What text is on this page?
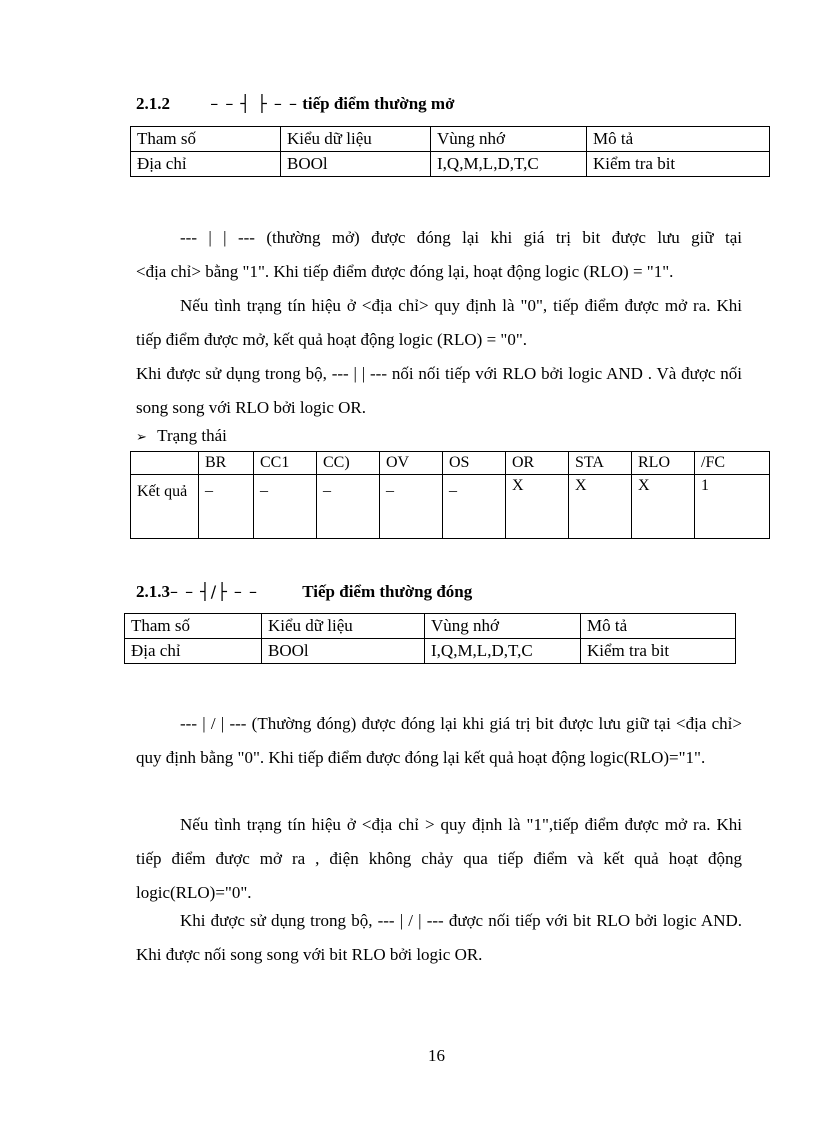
2.1.2	– – ┤ ├ – – tiếp điểm thường mở
Tham số	Kiểu dữ liệu	Vùng nhớ	Mô tả
Địa chỉ	BOOl	I,Q,M,L,D,T,C	Kiểm tra bit
--- | | --- (thường mở) được đóng lại khi giá trị bit được lưu giữ tại
<địa chỉ> bằng "1". Khi tiếp điểm được đóng lại, hoạt động logic (RLO) = "1".
Nếu tình trạng tín hiệu ở <địa chỉ> quy định là "0", tiếp điểm được mở ra. Khi tiếp điểm được mở, kết quả hoạt động logic (RLO) = "0".
Khi được sử dụng trong bộ, --- | | --- nối nối tiếp với RLO bởi logic AND . Và được nối song song với RLO bởi logic OR.
➢ Trạng thái
	BR	CC1	CC)	OV	OS	OR	STA	RLO	/FC
Kết quả	_	_	_	_	_	X	X	X	1
2.1.3– – ┤/├ – –	Tiếp điểm thường đóng
Tham số	Kiểu dữ liệu	Vùng nhớ	Mô tả
Địa chỉ	BOOl	I,Q,M,L,D,T,C	Kiểm tra bit
--- | / | --- (Thường đóng) được đóng lại khi giá trị bit được lưu giữ tại <địa chỉ> quy định bằng "0". Khi tiếp điểm được đóng lại kết quả hoạt động logic(RLO)="1".
Nếu tình trạng tín hiệu ở <địa chỉ > quy định là "1",tiếp điểm được mở ra. Khi tiếp điểm được mở ra , điện không chảy qua tiếp điểm và kết quả hoạt động logic(RLO)="0".
Khi được sử dụng trong bộ, --- | / | --- được nối tiếp với bit RLO bởi logic AND. Khi được nối song song với bit RLO bởi logic OR.
16
